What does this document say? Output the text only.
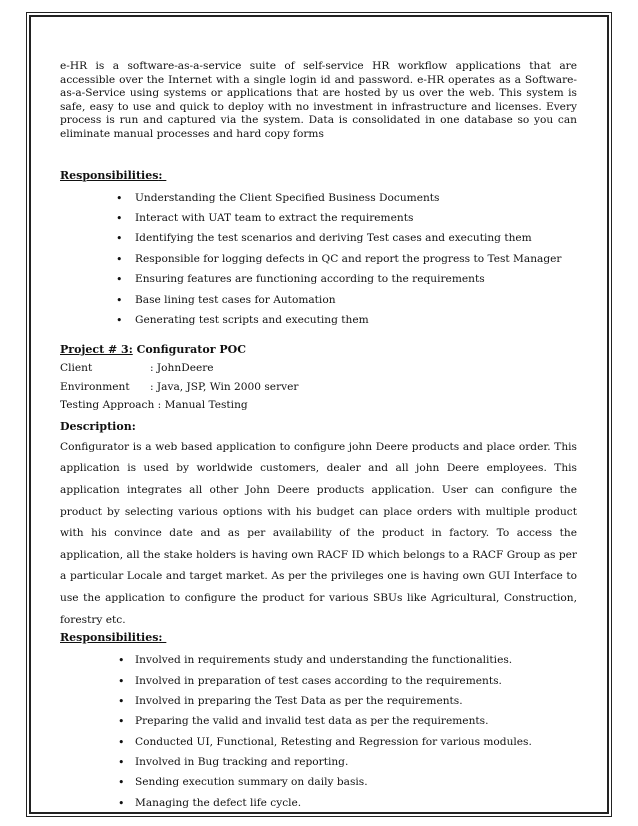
e-HR is a software-as-a-service suite of self-service HR workflow applications that are accessible over the Internet with a single login id and password. e-HR operates as a Software-as-a-Service using systems or applications that are hosted by us over the web. This system is safe, easy to use and quick to deploy with no investment in infrastructure and licenses. Every process is run and captured via the system. Data is consolidated in one database so you can eliminate manual processes and hard copy forms

Responsibilities:

• Understanding the Client Specified Business Documents
• Interact with UAT team to extract the requirements
• Identifying the test scenarios and deriving Test cases and executing them
• Responsible for logging defects in QC and report the progress to Test Manager
• Ensuring features are functioning according to the requirements
• Base lining test cases for Automation
• Generating test scripts and executing them

Project # 3: Configurator POC

Client	: JohnDeere
Environment : Java, JSP, Win 2000 server
Testing Approach : Manual Testing

Description:

Configurator is a web based application to configure john Deere products and place order. This application is used by worldwide customers, dealer and all john Deere employees. This application integrates all other John Deere products application. User can configure the product by selecting various options with his budget can place orders with multiple product with his convince date and as per availability of the product in factory. To access the application, all the stake holders is having own RACF ID which belongs to a RACF Group as per a particular Locale and target market. As per the privileges one is having own GUI Interface to use the application to configure the product for various SBUs like Agricultural, Construction, forestry etc.

Responsibilities:

• Involved in requirements study and understanding the functionalities.
• Involved in preparation of test cases according to the requirements.
• Involved in preparing the Test Data as per the requirements.
• Preparing the valid and invalid test data as per the requirements.
• Conducted UI, Functional, Retesting and Regression for various modules.
• Involved in Bug tracking and reporting.
• Sending execution summary on daily basis.
• Managing the defect life cycle.
